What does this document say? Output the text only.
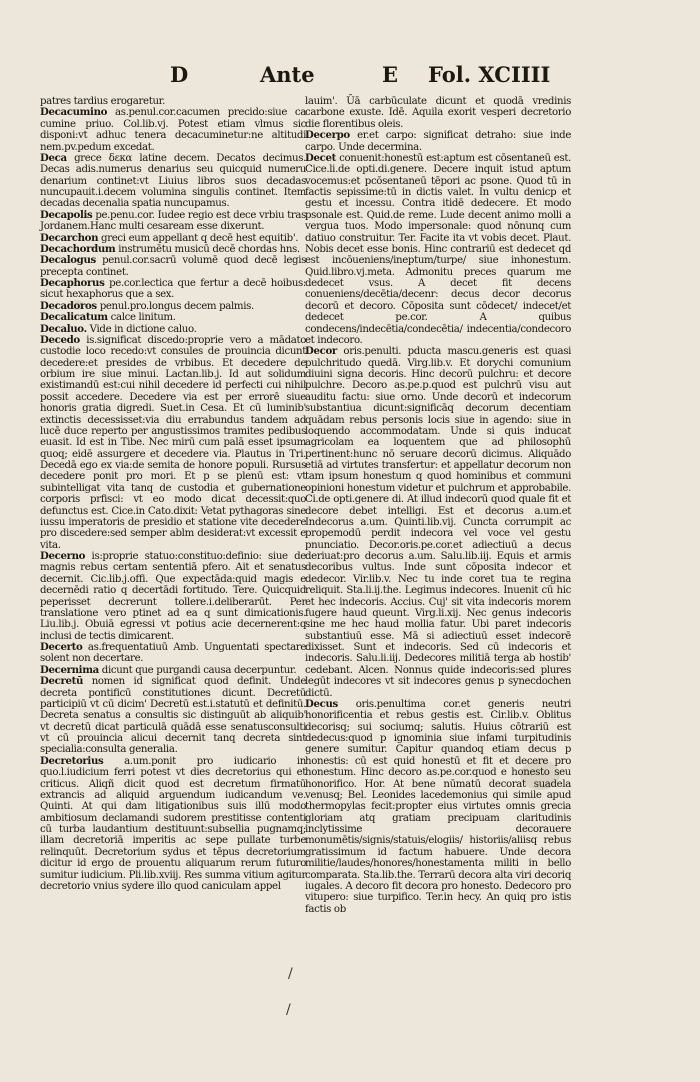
D	Ante	E Fol. XCIIII

patres tardius erogaretur.

Decacumino as.penul.cor.cacumen precido:siue ca cumine priuo. Col.lib.vj. Potest etiam vlmus sic disponi:vt adhuc tenera decacuminetur:ne altitudi nem.pv.pedum excedat.

Deca grece δεκα latine decem. Decatos decimus. Decas adis.numerus denarius seu quicquid numeru denarium continet:vt Liuius libros suos decadas nuncupauit.i.decem volumina singulis continet. Item decadas decenalia spatia nuncupamus.

Decapolis pe.penu.cor. Iudee regio est dece vrbiu tras Jordanem.Hanc multi cesaream esse dixerunt.

Decarchon greci eum appellant q decē hest equitib'.

Decachordum instrumētu musicū decē chordas hns.

Decalogus penul.cor.sacrū volumē quod decē legis precepta continet.

Decaphorus pe.cor.lectica que fertur a decē hoibus: sicut hexaphorus que a sex.

Decadoros penul.pro.longus decem palmis.

Decalicatum calce linitum.

Decaluo. Vide in dictione caluo.

Decedo is.significat discedo:proprie vero a mādato custodie loco recedo:vt consules de prouincia dicunt decedere:et presides de vrbibus. Et decedere de orbium ire siue minui. Lactan.lib.j. Id aut solidum existimandū est:cui nihil decedere id perfecti cui nihil possit accedere. Decedere via est per errorē siue honoris gratia digredi. Suet.in Cesa. Et cū luminib' extinctis decessisset:via diu errabundus tandem ad lucē duce reperto per angustissimos tramites pedibus euasit. Id est in Tibe. Nec mirū cum palā esset ipsum quoq; eidē assurgere et decedere via. Plautus in Tri. Decedā ego ex via:de semita de honore populi. Rursus decedere ponit pro mori. Et p se plenū est: vt subintelligat vita tanq de custodia et gubernatione corporis prfisci: vt eo modo dicat decessit:quo defunctus est. Cice.in Cato.dixit: Vetat pythagoras sine iussu imperatoris de presidio et statione vite decedere pro discedere:sed semper ablm desiderat:vt excessit e vita.

Decerno is:proprie statuo:constituo:definio: siue de magnis rebus certam sententiā pfero. Ait et senatus decernit. Cic.lib.j.offi. Que expectāda:quid magis e decernēdi ratio q decertādi fortitudo. Tere. Quicquid peperisset decrerunt tollere.i.deliberarūt. Per translatione vero ptinet ad ea q sunt dimicationis. Liu.lib.j. Obuiā egressi vt potius acie decernerent:q inclusi de tectis dimicarent.

Decerto as.frequentatiuū Amb. Unguentati spectare solent non decertare.

Decernima dicunt que purgandi causa decerpuntur.

Decretū nomen id significat quod definit. Unde decreta pontificū constitutiones dicunt. Decretū participiū vt cū dicim' Decretū est.i.statutū et definitū. Decreta senatus a consultis sic distinguūt ab aliquib' vt decretū dicat particulā quādā esse senatusconsulti vt cū prouincia alicui decernit tanq decreta sint specialia:consulta generalia.

Decretorius a.um.ponit pro iudicario in quo.l.iudicium ferri potest vt dies decretorius qui et criticus. Aliqñ dicit quod est decretum firmatū extrancis ad aliquid arguendum iudicandum ve. Quinti. At qui dam litigationibus suis illū modo ambitiosum declamandi sudorem prestitisse contenti cū turba laudantium destituunt:subsellia pugnamq; illam decretoriā imperitis ac sepe pullate turbe relinquūt. Decretorium sydus et tēpus decretorium dicitur id ergo de prouentu aliquarum rerum futuro sumitur iudicium. Pli.lib.xviij. Res summa vitium agitur decretorio vnius sydere illo quod caniculam appel

lauim'. Ūā carbūculate dicunt et quodā vredinis carbone exuste. Idē. Aquila exorit vesperi decretorio die florentibus oleis.

Decerpo er.et carpo: significat detraho: siue inde carpo. Unde decermina.

Decet conuenit:honestū est:aptum est cōsentaneū est. Cice.li.de opti.di.genere. Decere inquit istud aptum vocemus:et pcōsentaneū tēpori ac psone. Quod tū in factis sepissime:tū in dictis valet. In vultu denicp et gestu et incessu. Contra itidē dedecere. Et modo psonale est. Quid.de reme. Lude decent animo molli a vergua tuos. Modo impersonale: quod nōnunq cum datiuo construitur. Ter. Facite ita vt vobis decet. Plaut. Nobis decet esse bonis. Hinc contrariū est dedecet qd est incōueniens/ineptum/turpe/ siue inhonestum. Quid.libro.vj.meta. Admonitu preces quarum me dedecet vsus. A decet fit decens conueniens/decētia/decenr: decus decor decorus decorū et decoro. Cōposita sunt cōdecet/ indecet/et dedecet pe.cor. A quibus condecens/indecētia/condecētia/ indecentia/condecoro et indecoro.

Decor oris.penulti. pducta mascu.generis est quasi pulchritudo quedā. Virg.lib.v. Et dorychi comunium diuini signa decoris. Hinc decorū pulchru: et decore pulchre. Decoro as.pe.p.quod est pulchrū visu aut auditu factu: siue orno. Unde decorū et indecorum substantiua dicunt:significāq decorum decentiam quādam rebus personis locis siue in agendo: siue in loquendo accommodatam. Unde si quis inducat agricolam ea loquentem que ad philosophū pertinent:hunc nō seruare decorū dicimus. Aliquādo etiā ad virtutes transfertur: et appellatur decorum non tam ipsum honestum q quod hominibus et communi opinioni honestum videtur et pulchrum et approbabile. Ci.de opti.genere di. At illud indecorū quod quale fit et decore debet intelligi. Est et decorus a.um.et Indecorus a.um. Quinti.lib.vij. Cuncta corrumpit ac propemodū perdit indecora vel voce vel gestu pnunciatio. Decor.oris.pe.cor.et adiectiuū a decus deriuat:pro decorus a.um. Salu.lib.iij. Equis et armis decoribus vultus. Inde sunt cōposita indecor et dedecor. Vir.lib.v. Nec tu inde coret tua te regina reliquit. Sta.li.ij.the. Legimus indecores. Inuenit cū hic et hec indecoris. Accius. Cuj' sit vita indecoris morem fugere haud queunt. Virg.li.xij. Nec genus indecoris sine me hec haud mollia fatur. Ubi paret indecoris substantiuū esse. Mā si adiectiuū esset indecorē dixisset. Sunt et indecoris. Sed cū indecoris et indecoris. Salu.li.iij. Dedecores militiā terga ab hostib' cedebant. Alcen. Nonnus quide indecoris:sed plures legūt indecores vt sit indecores genus p synecdochen dictū.

Decus oris.penultima cor.et generis neutri honorificentia et rebus gestis est. Cir.lib.v. Oblitus decorisq; sui sociumq; salutis. Huius cōtrariū est dedecus:quod p ignominia siue infami turpitudinis genere sumitur. Capitur quandoq etiam decus p honestis: cū est quid honestū et fit et decere pro honestum. Hinc decoro as.pe.cor.quod e honesto seu honorifico. Hor. At bene nūmatū decorat suadela venusq; Bel. Leonides lacedemonius qui simile apud thermopylas fecit:propter eius virtutes omnis grecia gloriam atq gratiam precipuam claritudinis inclytissime decorauere monumētis/signis/statuis/elogiis/ historiis/aliisq rebus gratissimum id factum habuere. Unde decora militie/laudes/honores/honestamenta militi in bello comparata. Sta.lib.the. Terrarū decora alta viri decoriq iugales. A decoro fit decora pro honesto. Dedecoro pro vitupero: siue turpifico. Ter.in hecy. An quiq pro istis factis ob

/
/
